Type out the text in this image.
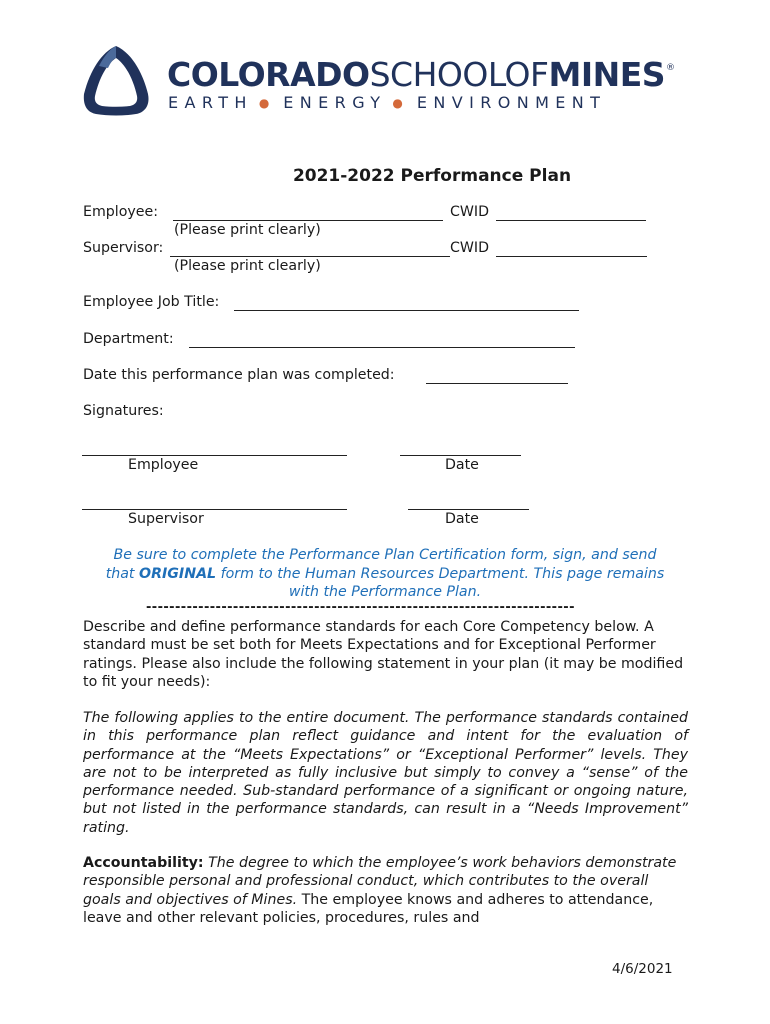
COLORADOSCHOOLOFMINES®
EARTH ● ENERGY ● ENVIRONMENT
2021-2022 Performance Plan
Employee:	CWID
(Please print clearly)
Supervisor:	CWID
(Please print clearly)
Employee Job Title:
Department:
Date this performance plan was completed:
Signatures:
Employee	Date
Supervisor	Date
Be sure to complete the Performance Plan Certification form, sign, and send
that ORIGINAL form to the Human Resources Department. This page remains
with the Performance Plan.
--------------------------------------------------------------------------
Describe and define performance standards for each Core Competency below. A standard must be set both for Meets Expectations and for Exceptional Performer ratings. Please also include the following statement in your plan (it may be modified to fit your needs):
The following applies to the entire document. The performance standards contained in this performance plan reflect guidance and intent for the evaluation of performance at the “Meets Expectations” or “Exceptional Performer” levels. They are not to be interpreted as fully inclusive but simply to convey a “sense” of the performance needed. Sub-standard performance of a significant or ongoing nature, but not listed in the performance standards, can result in a “Needs Improvement” rating.
Accountability: The degree to which the employee’s work behaviors demonstrate responsible personal and professional conduct, which contributes to the overall goals and objectives of Mines. The employee knows and adheres to attendance, leave and other relevant policies, procedures, rules and
4/6/2021
